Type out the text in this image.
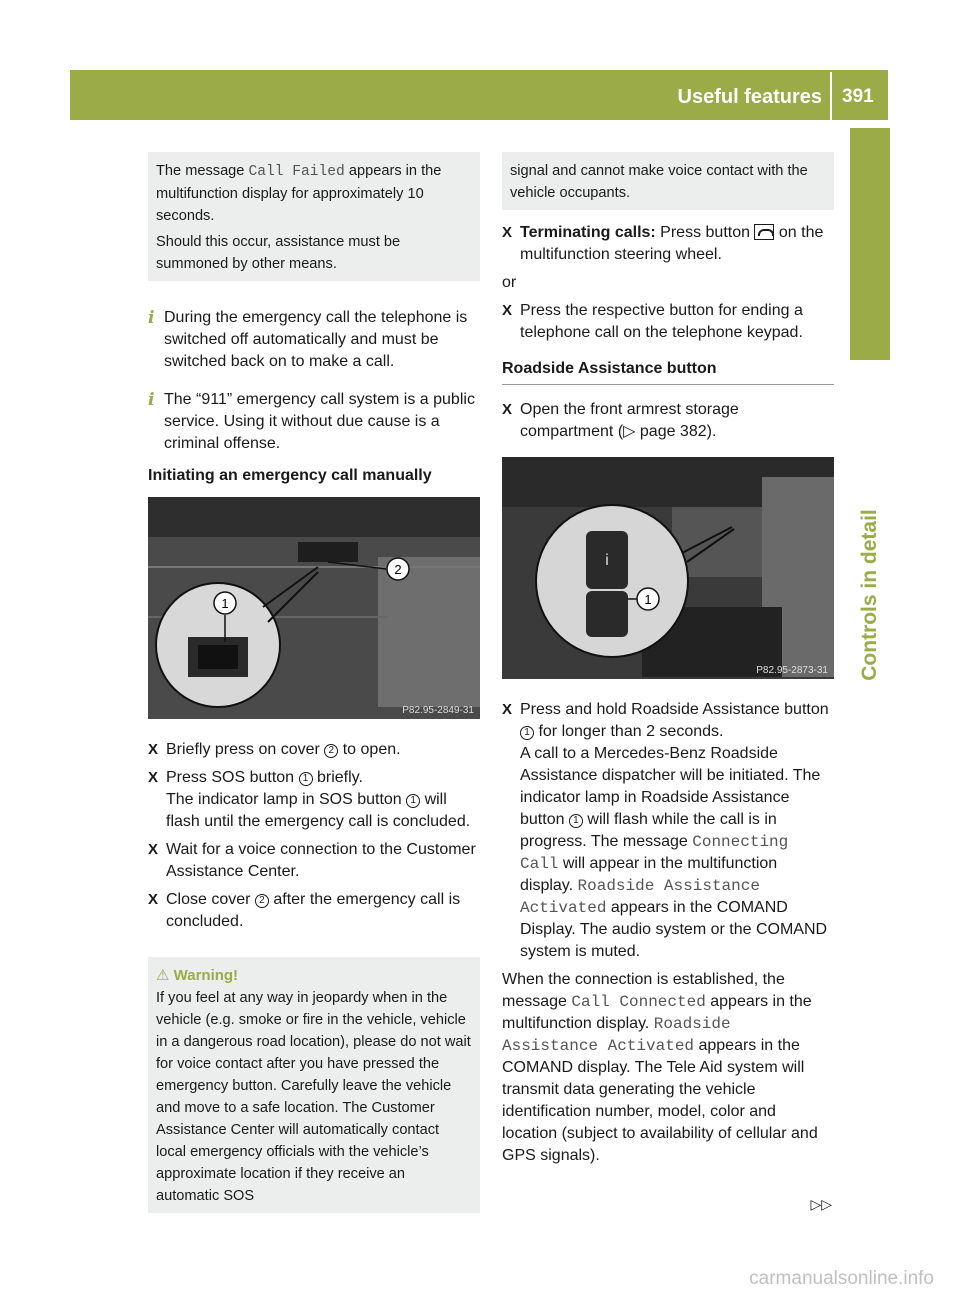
Useful features 391
Controls in detail
The message Call Failed appears in the multifunction display for approximately 10 seconds.
Should this occur, assistance must be summoned by other means.
i During the emergency call the telephone is switched off automatically and must be switched back on to make a call.
i The “911” emergency call system is a public service. Using it without due cause is a criminal offense.
Initiating an emergency call manually
1
2
P82.95-2849-31
X Briefly press on cover 2 to open.
X Press SOS button 1 briefly.
The indicator lamp in SOS button 1 will flash until the emergency call is concluded.
X Wait for a voice connection to the Customer Assistance Center.
X Close cover 2 after the emergency call is concluded.
⚠ Warning!
If you feel at any way in jeopardy when in the vehicle (e.g. smoke or fire in the vehicle, vehicle in a dangerous road location), please do not wait for voice contact after you have pressed the emergency button. Carefully leave the vehicle and move to a safe location. The Customer Assistance Center will automatically contact local emergency officials with the vehicle’s approximate location if they receive an automatic SOS
signal and cannot make voice contact with the vehicle occupants.
X Terminating calls: Press button  on the multifunction steering wheel.

or

X Press the respective button for ending a telephone call on the telephone keypad.
Roadside Assistance button
X Open the front armrest storage compartment (▷ page 382).
i
1
P82.95-2873-31
X Press and hold Roadside Assistance button 1 for longer than 2 seconds.
A call to a Mercedes-Benz Roadside Assistance dispatcher will be initiated. The indicator lamp in Roadside Assistance button 1 will flash while the call is in progress. The message Connecting Call will appear in the multifunction display. Roadside Assistance Activated appears in the COMAND Display. The audio system or the COMAND system is muted.

When the connection is established, the message Call Connected appears in the multifunction display. Roadside Assistance Activated appears in the COMAND display. The Tele Aid system will transmit data generating the vehicle identification number, model, color and location (subject to availability of cellular and GPS signals).

▷▷
carmanualsonline.info
